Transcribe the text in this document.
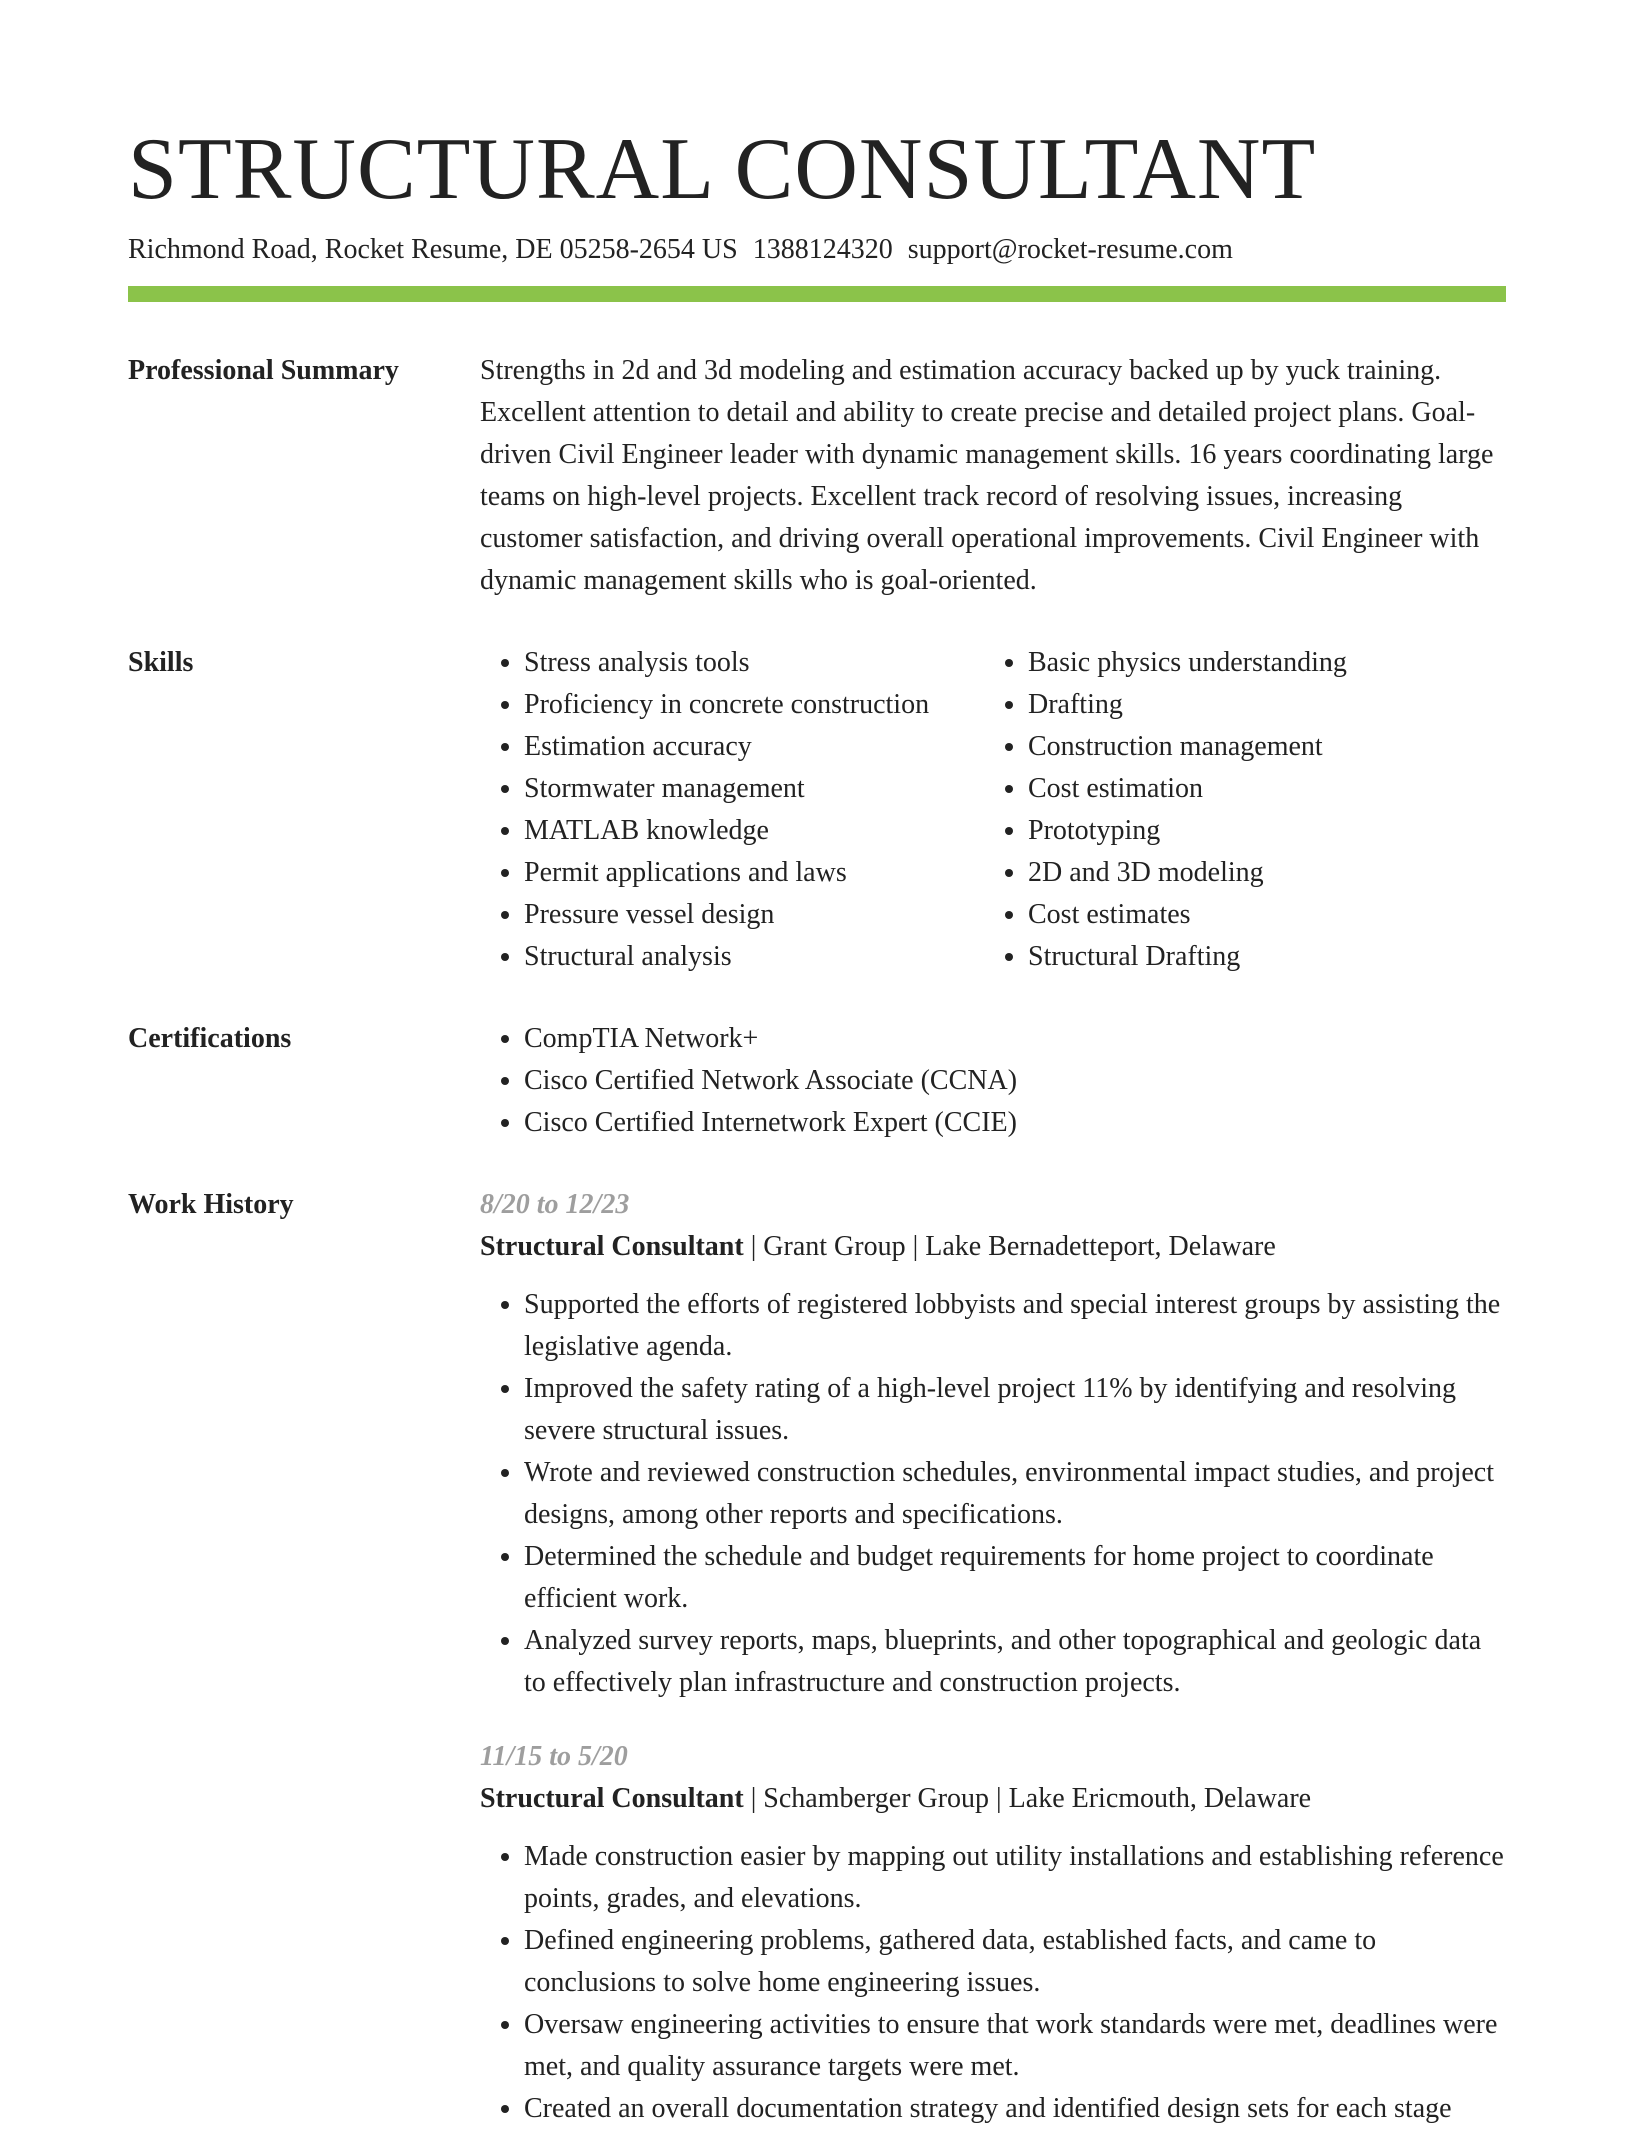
STRUCTURAL CONSULTANT
Richmond Road, Rocket Resume, DE 05258-2654 US 1388124320 support@rocket-resume.com
Professional Summary	Strengths in 2d and 3d modeling and estimation accuracy backed up by yuck training. Excellent attention to detail and ability to create precise and detailed project plans. Goal-driven Civil Engineer leader with dynamic management skills. 16 years coordinating large teams on high-level projects. Excellent track record of resolving issues, increasing customer satisfaction, and driving overall operational improvements. Civil Engineer with dynamic management skills who is goal-oriented.

Skills	• Stress analysis tools
• Proficiency in concrete construction
• Estimation accuracy
• Stormwater management
• MATLAB knowledge
• Permit applications and laws
• Pressure vessel design
• Structural analysis
• Basic physics understanding
• Drafting
• Construction management
• Cost estimation
• Prototyping
• 2D and 3D modeling
• Cost estimates
• Structural Drafting
Certifications	• CompTIA Network+
• Cisco Certified Network Associate (CCNA)
• Cisco Certified Internetwork Expert (CCIE)
Work History	8/20 to 12/23
Structural Consultant | Grant Group | Lake Bernadetteport, Delaware
• Supported the efforts of registered lobbyists and special interest groups by assisting the legislative agenda.
• Improved the safety rating of a high-level project 11% by identifying and resolving severe structural issues.
• Wrote and reviewed construction schedules, environmental impact studies, and project designs, among other reports and specifications.
• Determined the schedule and budget requirements for home project to coordinate efficient work.
• Analyzed survey reports, maps, blueprints, and other topographical and geologic data to effectively plan infrastructure and construction projects.
11/15 to 5/20
Structural Consultant | Schamberger Group | Lake Ericmouth, Delaware
• Made construction easier by mapping out utility installations and establishing reference points, grades, and elevations.
• Defined engineering problems, gathered data, established facts, and came to conclusions to solve home engineering issues.
• Oversaw engineering activities to ensure that work standards were met, deadlines were met, and quality assurance targets were met.
• Created an overall documentation strategy and identified design sets for each stage
